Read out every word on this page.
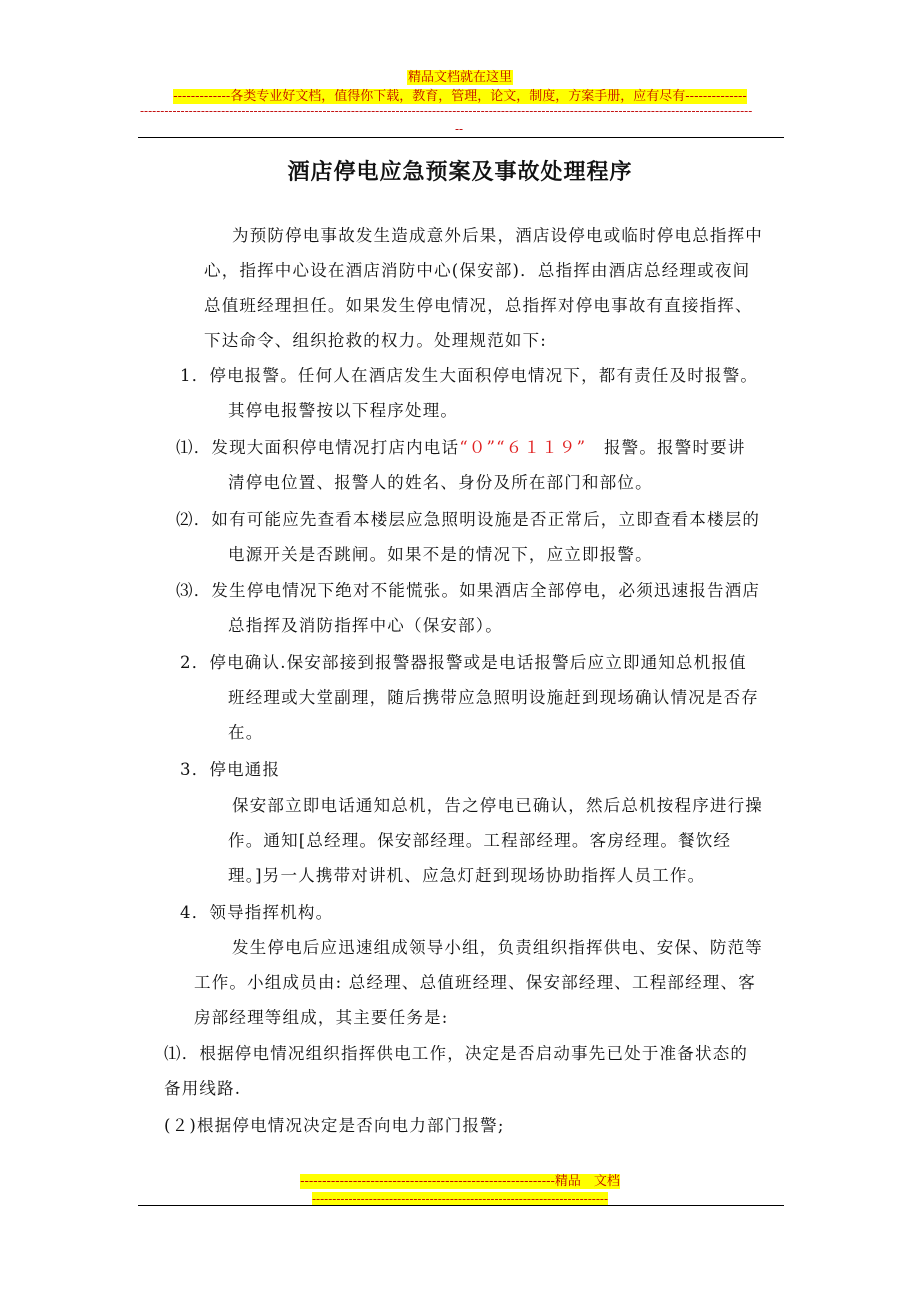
精品文档就在这里
-------------各类专业好文档，值得你下载，教育，管理，论文，制度，方案手册，应有尽有--------------
-------------------------------------------------------------------------------------------------------------------------------------------------------
--
酒店停电应急预案及事故处理程序
为预防停电事故发生造成意外后果，酒店设停电或临时停电总指挥中
心，指挥中心设在酒店消防中心(保安部)．总指挥由酒店总经理或夜间
总值班经理担任。如果发生停电情况，总指挥对停电事故有直接指挥、
下达命令、组织抢救的权力。处理规范如下:
1．停电报警。任何人在酒店发生大面积停电情况下，都有责任及时报警。
其停电报警按以下程序处理。
⑴．发现大面积停电情况打店内电话“０”“６１１９”　 报警。报警时要讲
清停电位置、报警人的姓名、身份及所在部门和部位。
⑵．如有可能应先查看本楼层应急照明设施是否正常后，立即查看本楼层的
电源开关是否跳闸。如果不是的情况下，应立即报警。
⑶．发生停电情况下绝对不能慌张。如果酒店全部停电，必须迅速报告酒店
总指挥及消防指挥中心（保安部）。
2．停电确认.保安部接到报警器报警或是电话报警后应立即通知总机报值
班经理或大堂副理，随后携带应急照明设施赶到现场确认情况是否存
在。
3．停电通报
保安部立即电话通知总机，告之停电已确认，然后总机按程序进行操
作。通知[总经理。保安部经理。工程部经理。客房经理。餐饮经
理。]另一人携带对讲机、应急灯赶到现场协助指挥人员工作。
4．领导指挥机构。
发生停电后应迅速组成领导小组，负责组织指挥供电、安保、防范等
工作。小组成员由: 总经理、总值班经理、保安部经理、工程部经理、客
房部经理等组成，其主要任务是:
⑴．根据停电情况组织指挥供电工作，决定是否启动事先已处于准备状态的
备用线路.
(２)根据停电情况决定是否向电力部门报警;
----------------------------------------------------------精品　文档
-------------------------------------------------------------------------
